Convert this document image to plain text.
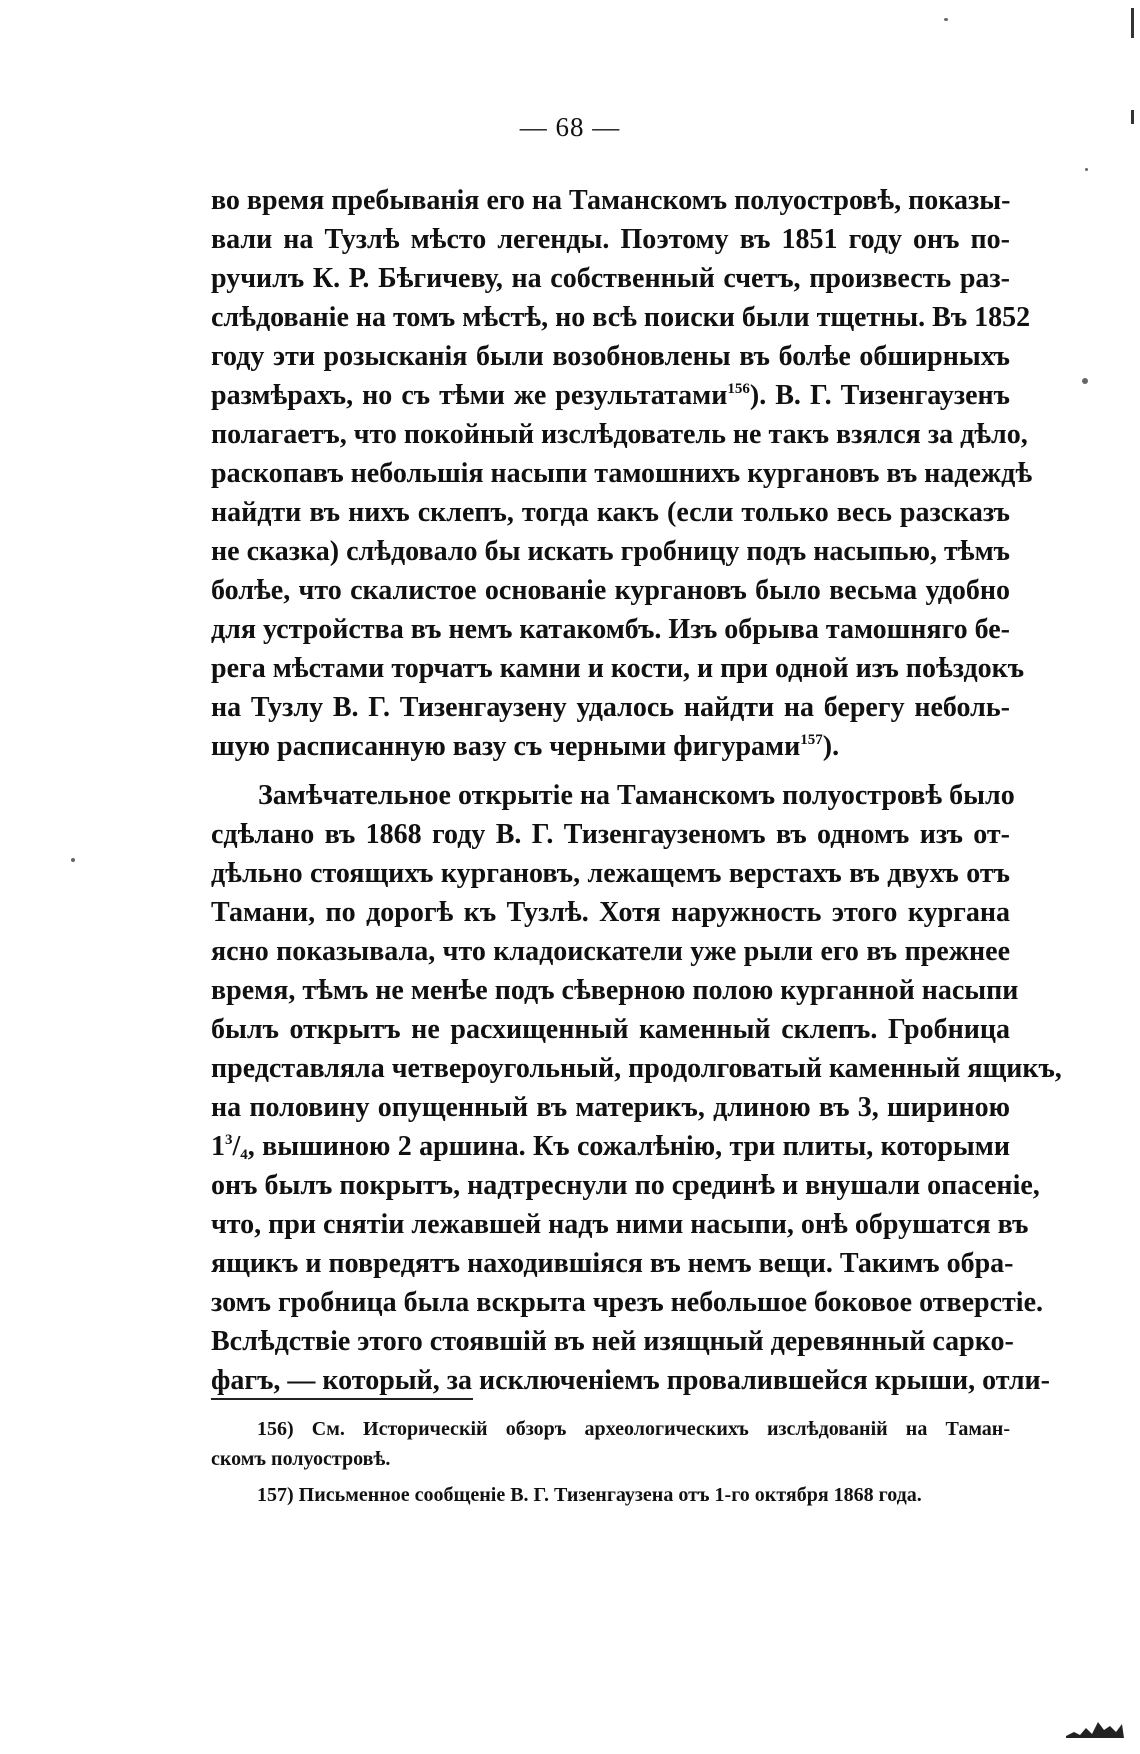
— 68 —
во время пребыванія его на Таманскомъ полуостровѣ, показы-
вали на Тузлѣ мѣсто легенды. Поэтому въ 1851 году онъ по-
ручилъ К. Р. Бѣгичеву, на собственный счетъ, произвесть раз-
слѣдованіе на томъ мѣстѣ, но всѣ поиски были тщетны. Въ 1852
году эти розысканія были возобновлены въ болѣе обширныхъ
размѣрахъ, но съ тѣми же результатами$^{156}$). В. Г. Тизенгаузенъ
полагаетъ, что покойный изслѣдователь не такъ взялся за дѣло,
раскопавъ небольшія насыпи тамошнихъ кургановъ въ надеждѣ
найдти въ нихъ склепъ, тогда какъ (если только весь разсказъ
не сказка) слѣдовало бы искать гробницу подъ насыпью, тѣмъ
болѣе, что скалистое основаніе кургановъ было весьма удобно
для устройства въ немъ катакомбъ. Изъ обрыва тамошняго бе-
рега мѣстами торчатъ камни и кости, и при одной изъ поѣздокъ
на Тузлу В. Г. Тизенгаузену удалось найдти на берегу неболь-
шую расписанную вазу съ черными фигурами$^{157}$).
Замѣчательное открытіе на Таманскомъ полуостровѣ было
сдѣлано въ 1868 году В. Г. Тизенгаузеномъ въ одномъ изъ от-
дѣльно стоящихъ кургановъ, лежащемъ верстахъ въ двухъ отъ
Тамани, по дорогѣ къ Тузлѣ. Хотя наружность этого кургана
ясно показывала, что кладоискатели уже рыли его въ прежнее
время, тѣмъ не менѣе подъ сѣверною полою курганной насыпи
былъ открытъ не расхищенный каменный склепъ. Гробница
представляла четвероугольный, продолговатый каменный ящикъ,
на половину опущенный въ материкъ, длиною въ 3, шириною
$1^3/_4$, вышиною 2 аршина. Къ сожалѣнію, три плиты, которыми
онъ былъ покрытъ, надтреснули по срединѣ и внушали опасеніе,
что, при снятіи лежавшей надъ ними насыпи, онѣ обрушатся въ
ящикъ и повредятъ находившіяся въ немъ вещи. Такимъ обра-
зомъ гробница была вскрыта чрезъ небольшое боковое отверстіе.
Вслѣдствіе этого стоявшій въ ней изящный деревянный сарко-
фагъ, — который, за исключеніемъ провалившейся крыши, отли-
156) См. Историческій обзоръ археологическихъ изслѣдованій на Таман-
скомъ полуостровѣ.
157) Письменное сообщеніе В. Г. Тизенгаузена отъ 1-го октября 1868 года.
